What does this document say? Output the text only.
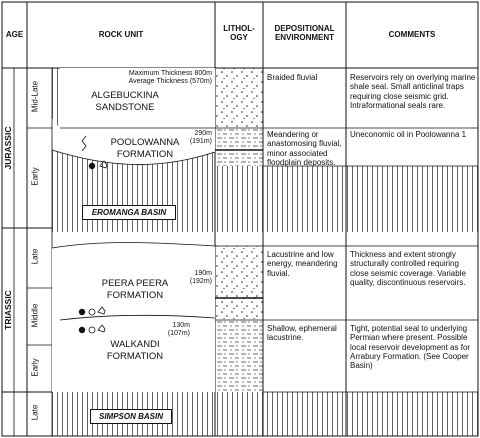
AGE	ROCK UNIT
LITHOL-
OGY
DEPOSITIONAL
ENVIRONMENT	COMMENTS
JURASSIC
TRIASSIC
Mid-Late
Early
Late
Middle
Early
Late
Maximum Thickness 800m
Average Thickness (570m)
ALGEBUCKINA
SANDSTONE
290m
(191m)
POOLOWANNA
FORMATION
EROMANGA BASIN
190m
(192m)
PEERA PEERA
FORMATION
130m
(107m)
WALKANDI
FORMATION
SIMPSON BASIN
Braided fluvial
Meandering or anastomosing fluvial, minor associated floodplain deposits.
Lacustrine and low energy, meandering fluvial.
Shallow, ephemeral lacustrine.
Reservoirs rely on overlying marine shale seal. Small anticlinal traps requiring close seismic grid. Intraformational seals rare.
Uneconomic oil in Poolowanna 1
Thickness and extent strongly structurally controlled requiring close seismic coverage. Variable quality, discontinuous reservoirs.
Tight, potential seal to underlying Permian where present. Possible local reservoir development as for Arrabury Formation. (See Cooper Basin)
